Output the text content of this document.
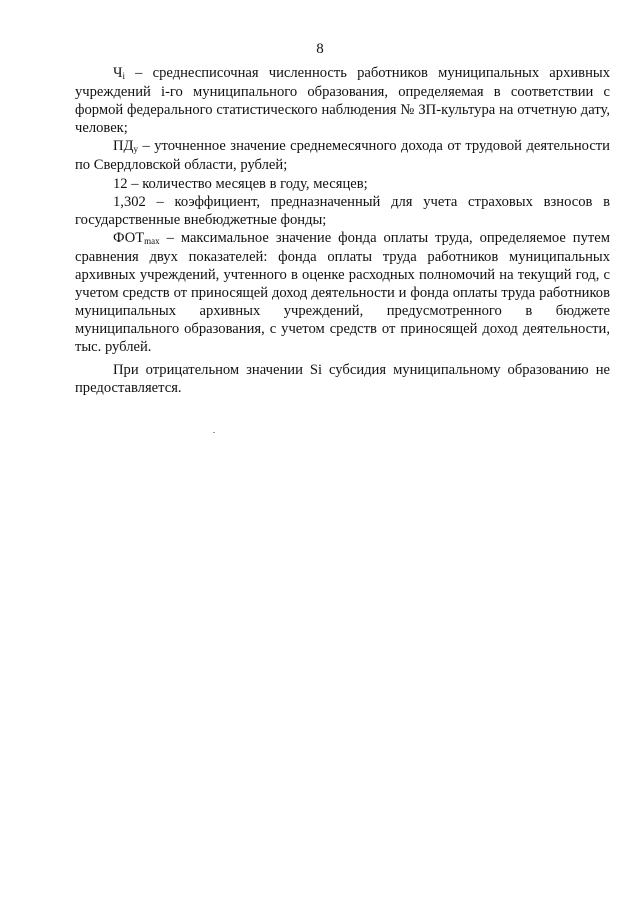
8

Чi – среднесписочная численность работников муниципальных архивных учреждений i-го муниципального образования, определяемая в соответствии с формой федерального статистического наблюдения № ЗП-культура на отчетную дату, человек;

ПДу – уточненное значение среднемесячного дохода от трудовой деятельности по Свердловской области, рублей;

12 – количество месяцев в году, месяцев;

1,302 – коэффициент, предназначенный для учета страховых взносов в государственные внебюджетные фонды;

ФОТmax – максимальное значение фонда оплаты труда, определяемое путем сравнения двух показателей: фонда оплаты труда работников муниципальных архивных учреждений, учтенного в оценке расходных полномочий на текущий год, с учетом средств от приносящей доход деятельности и фонда оплаты труда работников муниципальных архивных учреждений, предусмотренного в бюджете муниципального образования, с учетом средств от приносящей доход деятельности, тыс. рублей.

При отрицательном значении Si субсидия муниципальному образованию не предоставляется.
